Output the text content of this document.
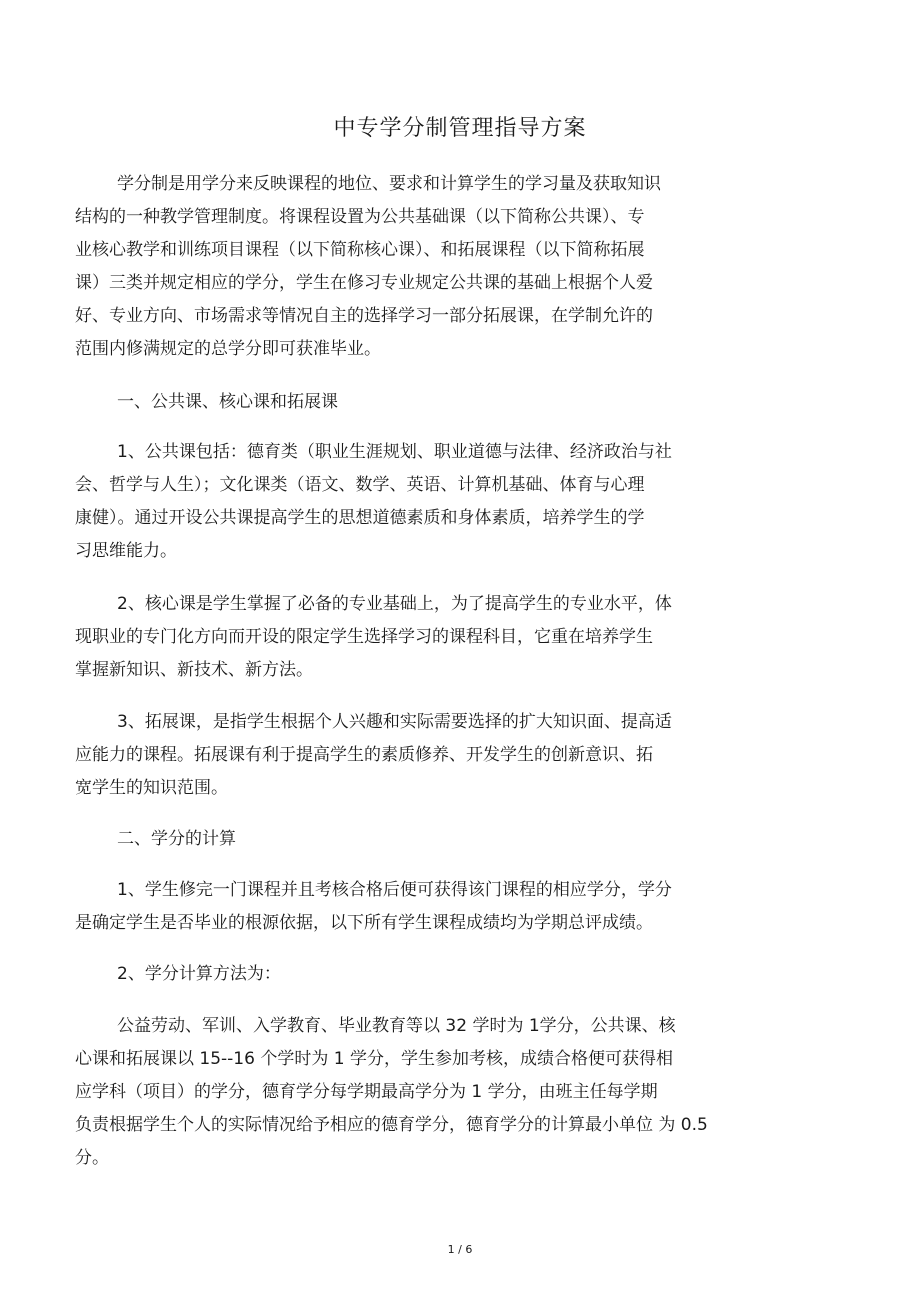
中专学分制管理指导方案
学分制是用学分来反映课程的地位、要求和计算学生的学习量及获取知识
结构的一种教学管理制度。将课程设置为公共基础课（以下简称公共课）、专
业核心教学和训练项目课程（以下简称核心课）、和拓展课程（以下简称拓展
课）三类并规定相应的学分，学生在修习专业规定公共课的基础上根据个人爱
好、专业方向、市场需求等情况自主的选择学习一部分拓展课，在学制允许的
范围内修满规定的总学分即可获准毕业。
一、公共课、核心课和拓展课
1、公共课包括：德育类（职业生涯规划、职业道德与法律、经济政治与社
会、哲学与人生）；文化课类（语文、数学、英语、计算机基础、体育与心理
康健）。通过开设公共课提高学生的思想道德素质和身体素质，培养学生的学
习思维能力。
2、核心课是学生掌握了必备的专业基础上，为了提高学生的专业水平，体
现职业的专门化方向而开设的限定学生选择学习的课程科目，它重在培养学生
掌握新知识、新技术、新方法。
3、拓展课，是指学生根据个人兴趣和实际需要选择的扩大知识面、提高适
应能力的课程。拓展课有利于提高学生的素质修养、开发学生的创新意识、拓
宽学生的知识范围。
二、学分的计算
1、学生修完一门课程并且考核合格后便可获得该门课程的相应学分，学分
是确定学生是否毕业的根源依据，以下所有学生课程成绩均为学期总评成绩。
2、学分计算方法为：
公益劳动、军训、入学教育、毕业教育等以 32 学时为 1学分，公共课、核
心课和拓展课以 15--16 个学时为 1 学分，学生参加考核，成绩合格便可获得相
应学科（项目）的学分，德育学分每学期最高学分为 1 学分，由班主任每学期
负责根据学生个人的实际情况给予相应的德育学分，德育学分的计算最小单位 为 0.5
分。
1 / 6
